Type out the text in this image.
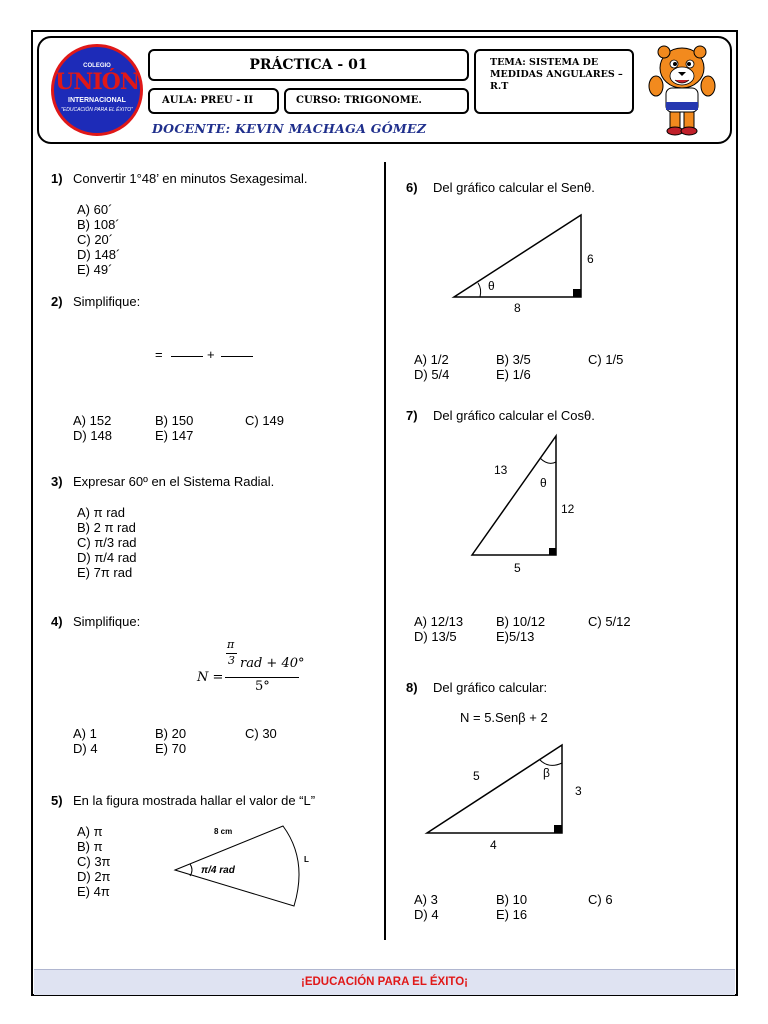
COLEGIO
UNIÓN
INTERNACIONAL
"EDUCACIÓN PARA EL ÉXITO"
PRÁCTICA - 01
AULA: PREU - II	CURSO: TRIGONOME.
TEMA: SISTEMA DE MEDIDAS ANGULARES – R.T
DOCENTE: KEVIN MACHAGA GÓMEZ
1) Convertir 1°48’ en minutos Sexagesimal.
A) 60´
B) 108´
C) 20´
D) 148´
E) 49´
2) Simplifique:
=	+
A) 152	B) 150	C) 149
D) 148	E) 147
3) Expresar 60º en el Sistema Radial.
A) π rad
B) 2 π rad
C) π/3 rad
D) π/4 rad
E) 7π rad
4) Simplifique:
N =
π
3 rad + 40°
5°
A) 1	B) 20	C) 30
D) 4	E) 70
5) En la figura mostrada hallar el valor de “L”
A) π
B) π
C) 3π
D) 2π
E) 4π
8 cm
π/4 rad
L
6) Del gráfico calcular el Senθ.
θ
6
8
A) 1/2	B) 3/5	C) 1/5
D) 5/4	E) 1/6
7) Del gráfico calcular el Cosθ.
θ
13
12
5
A) 12/13	B) 10/12	C) 5/12
D) 13/5	E)5/13
8) Del gráfico calcular:
N = 5.Senβ + 2
β
5
3
4
A) 3	B) 10	C) 6
D) 4	E) 16
¡EDUCACIÓN PARA EL ÉXITO¡
